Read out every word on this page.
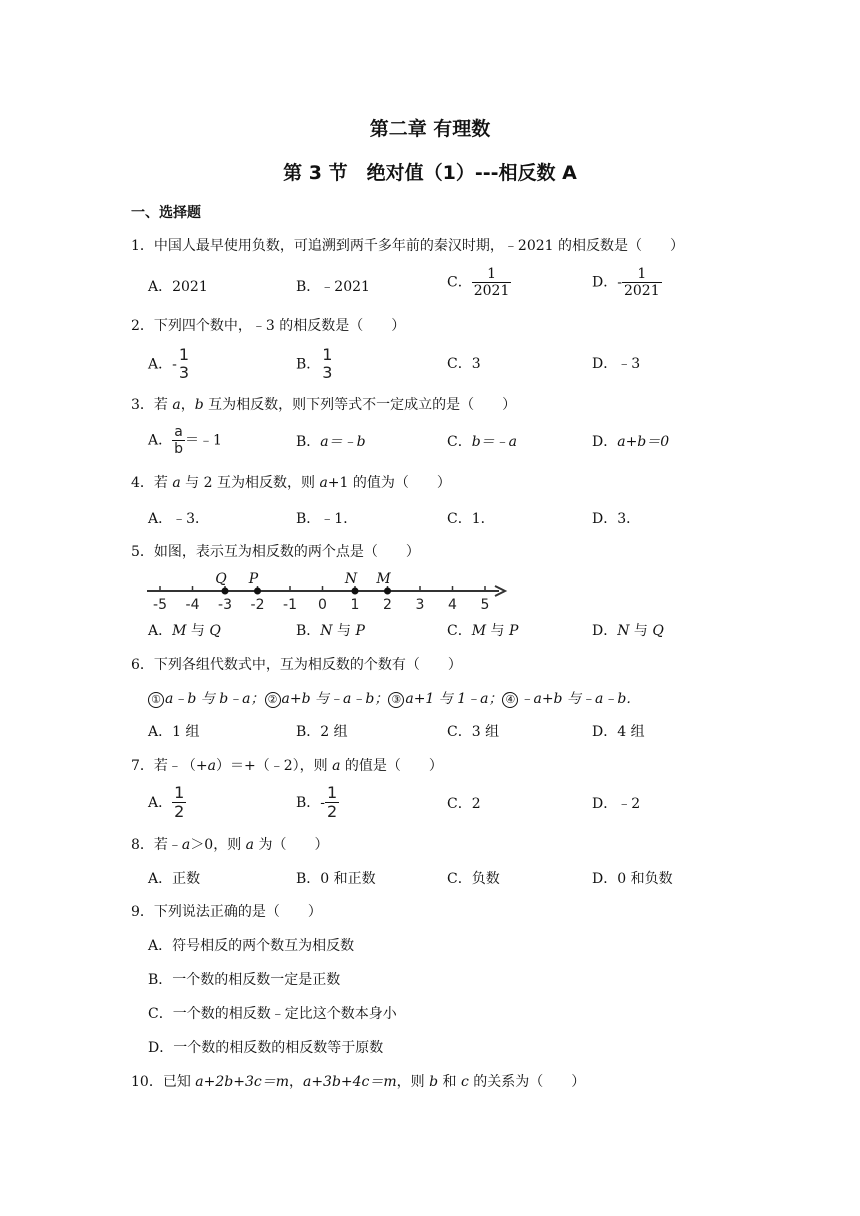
第二章 有理数
第 3 节　绝对值（1）---相反数 A
一、选择题
1．中国人最早使用负数，可追溯到两千多年前的秦汉时期，﹣2021 的相反数是（　　）
A．2021	B．﹣2021	C． $\frac{1}{2021}$	D．- $\frac{1}{2021}$
2．下列四个数中，﹣3 的相反数是（　　）
A．-
1
3	B．
1
3	C．3	D．﹣3
3．若 a，b 互为相反数，则下列等式不一定成立的是（　　）
A． $\frac{a}{b}$ ＝﹣1	B．a＝﹣b	C．b＝﹣a	D．a+b＝0
4．若 a 与 2 互为相反数，则 a+1 的值为（　　）
A．﹣3．	B．﹣1．	C．1．	D．3．
5．如图，表示互为相反数的两个点是（　　）
-5 -4 -3 -2 -1 0 1 2 3 4 5
Q P	N M
A．M 与 Q	B．N 与 P	C．M 与 P	D．N 与 Q
6．下列各组代数式中，互为相反数的个数有（　　）
① a﹣b 与 b﹣a； ② a+b 与﹣a﹣b； ③ a+1 与 1﹣a； ④ ﹣a+b 与﹣a﹣b．
A．1 组	B．2 组	C．3 组	D．4 组
7．若﹣（+a）＝+（﹣2），则 a 的值是（　　）
A． $\frac{1}{2}$	B．- $\frac{1}{2}$	C．2	D．﹣2
8．若﹣a＞0，则 a 为（　　）
A．正数	B．0 和正数	C．负数	D．0 和负数
9．下列说法正确的是（　　）
A．符号相反的两个数互为相反数
B．一个数的相反数一定是正数
C．一个数的相反数﹣定比这个数本身小
D．一个数的相反数的相反数等于原数
10．已知 a+2b+3c＝m，a+3b+4c＝m，则 b 和 c 的关系为（　　）
